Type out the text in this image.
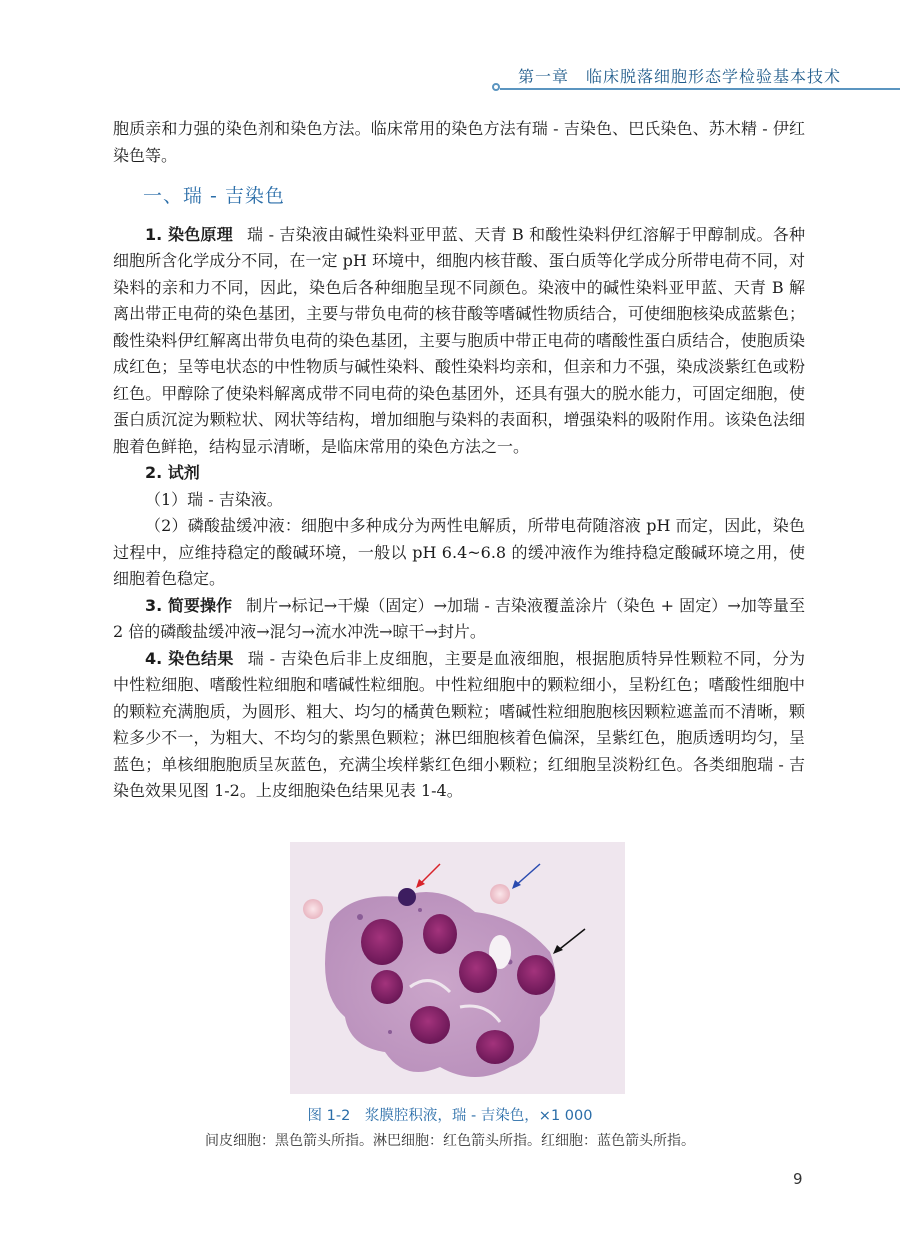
第一章　临床脱落细胞形态学检验基本技术

胞质亲和力强的染色剂和染色方法。临床常用的染色方法有瑞 - 吉染色、巴氏染色、苏木精 - 伊红染色等。

一、瑞 - 吉染色

1. 染色原理 瑞 - 吉染液由碱性染料亚甲蓝、天青 B 和酸性染料伊红溶解于甲醇制成。各种细胞所含化学成分不同，在一定 pH 环境中，细胞内核苷酸、蛋白质等化学成分所带电荷不同，对染料的亲和力不同，因此，染色后各种细胞呈现不同颜色。染液中的碱性染料亚甲蓝、天青 B 解离出带正电荷的染色基团，主要与带负电荷的核苷酸等嗜碱性物质结合，可使细胞核染成蓝紫色；酸性染料伊红解离出带负电荷的染色基团，主要与胞质中带正电荷的嗜酸性蛋白质结合，使胞质染成红色；呈等电状态的中性物质与碱性染料、酸性染料均亲和，但亲和力不强，染成淡紫红色或粉红色。甲醇除了使染料解离成带不同电荷的染色基团外，还具有强大的脱水能力，可固定细胞，使蛋白质沉淀为颗粒状、网状等结构，增加细胞与染料的表面积，增强染料的吸附作用。该染色法细胞着色鲜艳，结构显示清晰，是临床常用的染色方法之一。

2. 试剂

（1）瑞 - 吉染液。

（2）磷酸盐缓冲液：细胞中多种成分为两性电解质，所带电荷随溶液 pH 而定，因此，染色过程中，应维持稳定的酸碱环境，一般以 pH 6.4~6.8 的缓冲液作为维持稳定酸碱环境之用，使细胞着色稳定。

3. 简要操作 制片→标记→干燥（固定）→加瑞 - 吉染液覆盖涂片（染色 + 固定）→加等量至 2 倍的磷酸盐缓冲液→混匀→流水冲洗→晾干→封片。

4. 染色结果 瑞 - 吉染色后非上皮细胞，主要是血液细胞，根据胞质特异性颗粒不同，分为中性粒细胞、嗜酸性粒细胞和嗜碱性粒细胞。中性粒细胞中的颗粒细小，呈粉红色；嗜酸性细胞中的颗粒充满胞质，为圆形、粗大、均匀的橘黄色颗粒；嗜碱性粒细胞胞核因颗粒遮盖而不清晰，颗粒多少不一，为粗大、不均匀的紫黑色颗粒；淋巴细胞核着色偏深，呈紫红色，胞质透明均匀，呈蓝色；单核细胞胞质呈灰蓝色，充满尘埃样紫红色细小颗粒；红细胞呈淡粉红色。各类细胞瑞 - 吉染色效果见图 1-2。上皮细胞染色结果见表 1-4。

图 1-2　浆膜腔积液，瑞 - 吉染色，×1 000
间皮细胞：黑色箭头所指。淋巴细胞：红色箭头所指。红细胞：蓝色箭头所指。
9
